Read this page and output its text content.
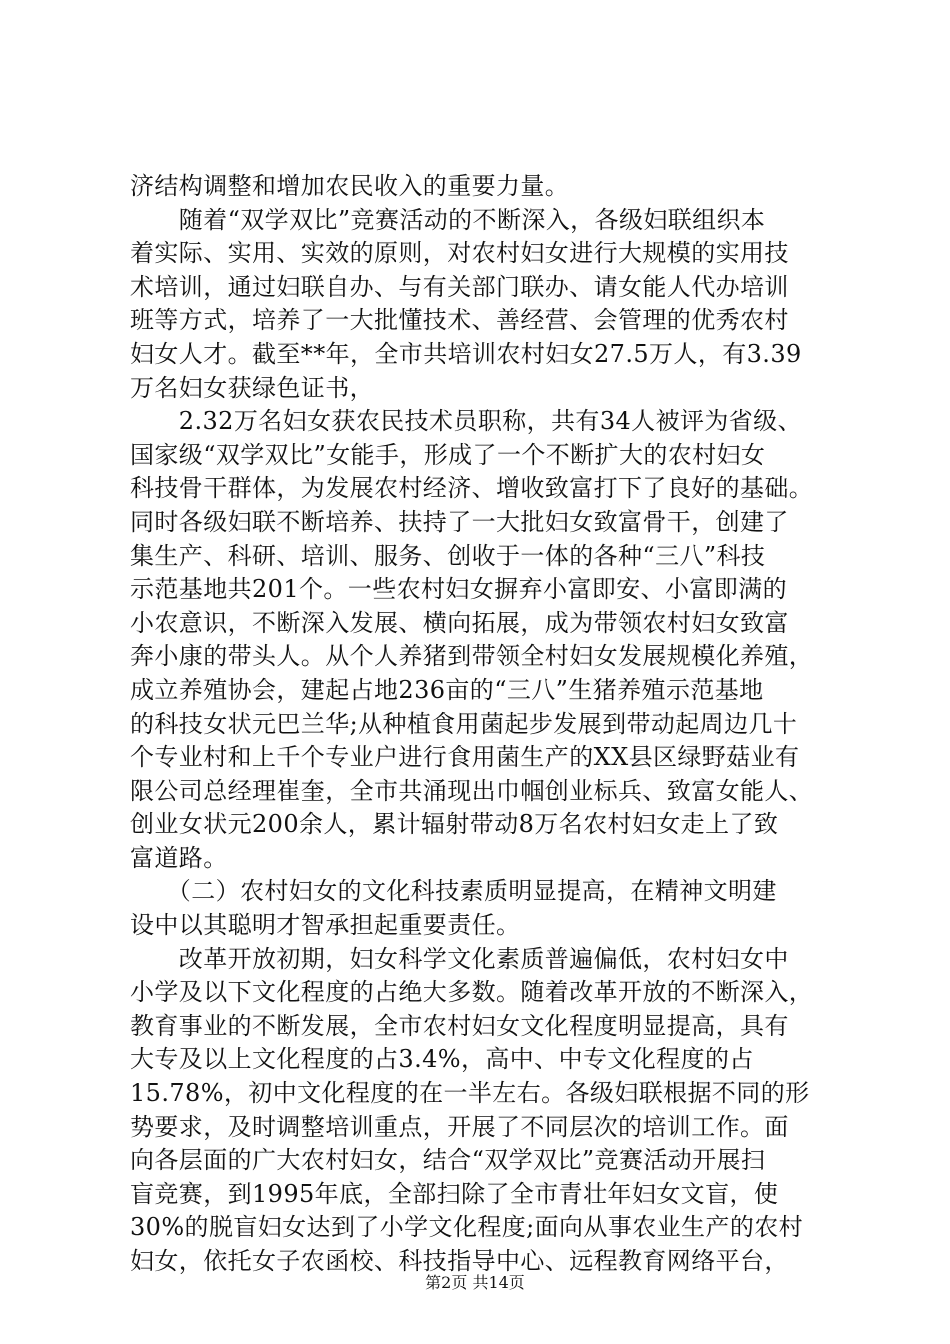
济结构调整和增加农民收入的重要力量。
　　随着“双学双比”竞赛活动的不断深入，各级妇联组织本
着实际、实用、实效的原则，对农村妇女进行大规模的实用技
术培训，通过妇联自办、与有关部门联办、请女能人代办培训
班等方式，培养了一大批懂技术、善经营、会管理的优秀农村
妇女人才。截至**年，全市共培训农村妇女27.5万人，有3.39
万名妇女获绿色证书，
　　2.32万名妇女获农民技术员职称，共有34人被评为省级、
国家级“双学双比”女能手，形成了一个不断扩大的农村妇女
科技骨干群体，为发展农村经济、增收致富打下了良好的基础。
同时各级妇联不断培养、扶持了一大批妇女致富骨干，创建了
集生产、科研、培训、服务、创收于一体的各种“三八”科技
示范基地共201个。一些农村妇女摒弃小富即安、小富即满的
小农意识，不断深入发展、横向拓展，成为带领农村妇女致富
奔小康的带头人。从个人养猪到带领全村妇女发展规模化养殖，
成立养殖协会，建起占地236亩的“三八”生猪养殖示范基地
的科技女状元巴兰华;从种植食用菌起步发展到带动起周边几十
个专业村和上千个专业户进行食用菌生产的XX县区绿野菇业有
限公司总经理崔奎，全市共涌现出巾帼创业标兵、致富女能人、
创业女状元200余人，累计辐射带动8万名农村妇女走上了致
富道路。
　　（二）农村妇女的文化科技素质明显提高，在精神文明建
设中以其聪明才智承担起重要责任。
　　改革开放初期，妇女科学文化素质普遍偏低，农村妇女中
小学及以下文化程度的占绝大多数。随着改革开放的不断深入，
教育事业的不断发展，全市农村妇女文化程度明显提高，具有
大专及以上文化程度的占3.4%，高中、中专文化程度的占
15.78%，初中文化程度的在一半左右。各级妇联根据不同的形
势要求，及时调整培训重点，开展了不同层次的培训工作。面
向各层面的广大农村妇女，结合“双学双比”竞赛活动开展扫
盲竞赛，到1995年底，全部扫除了全市青壮年妇女文盲，使
30%的脱盲妇女达到了小学文化程度;面向从事农业生产的农村
妇女，依托女子农函校、科技指导中心、远程教育网络平台，
第2页 共14页
